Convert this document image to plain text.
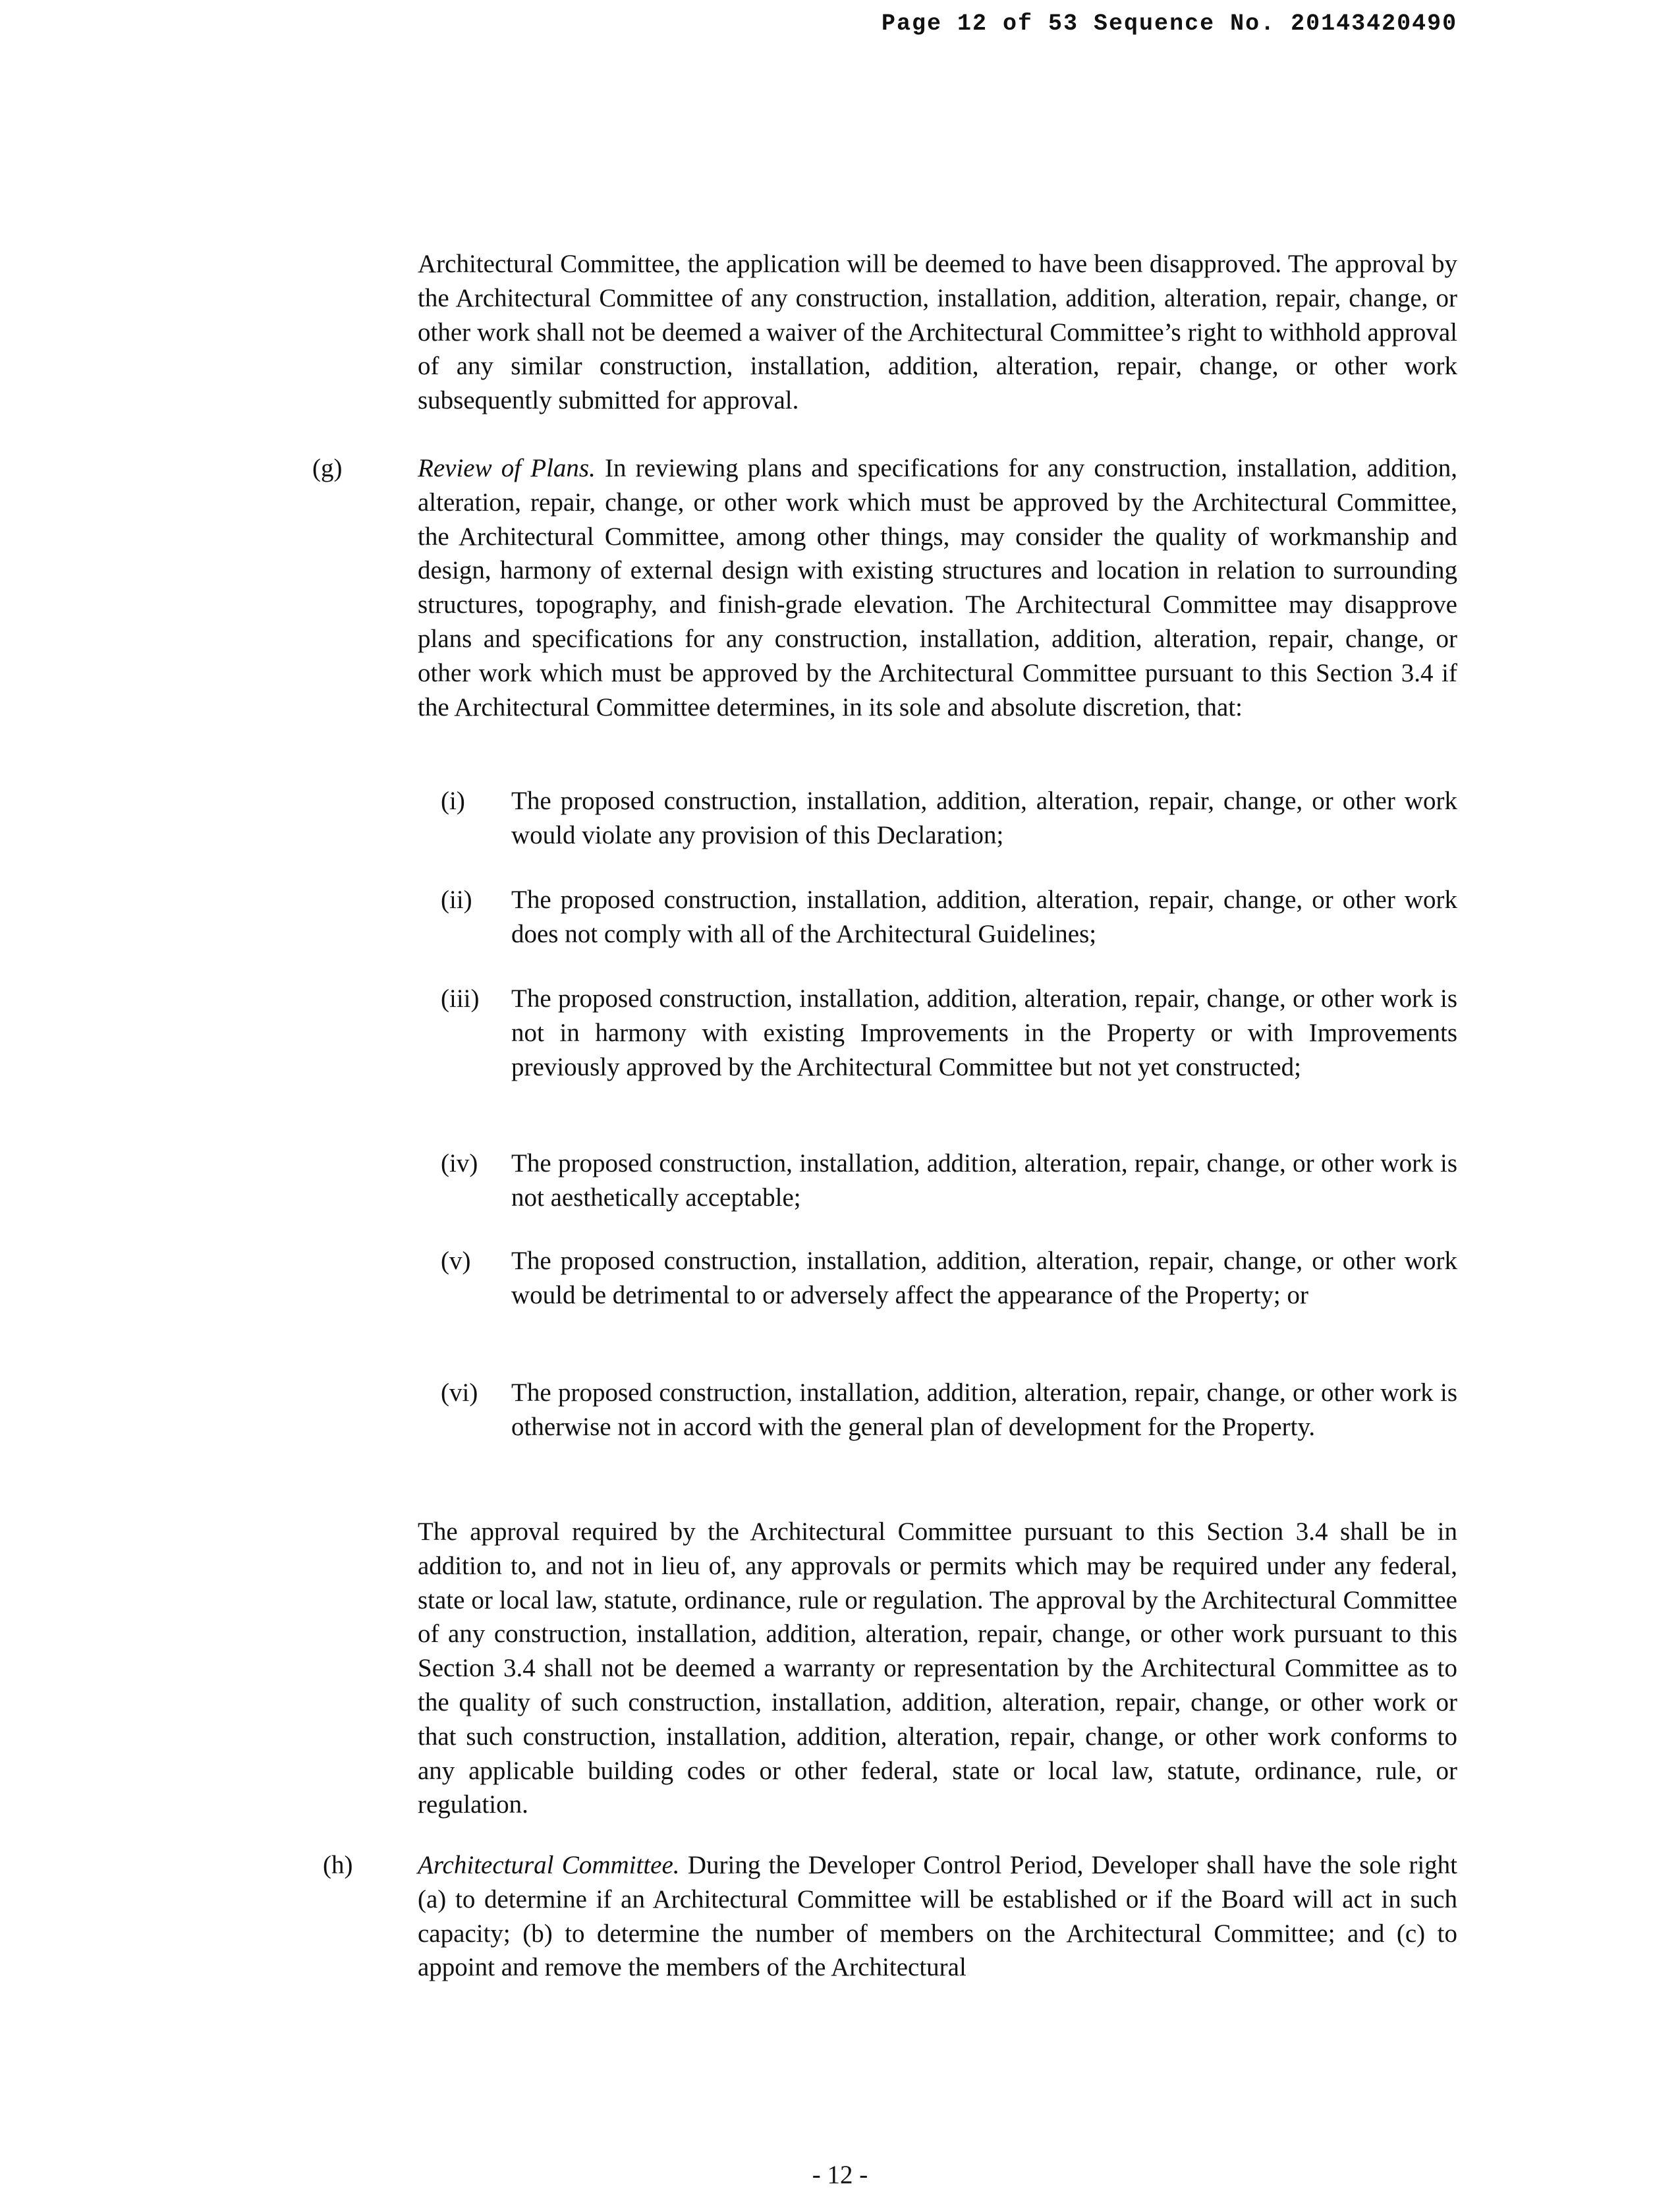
Page 12 of 53 Sequence No. 20143420490

Architectural Committee, the application will be deemed to have been disapproved. The approval by the Architectural Committee of any construction, installation, addition, alteration, repair, change, or other work shall not be deemed a waiver of the Architectural Committee’s right to withhold approval of any similar construction, installation, addition, alteration, repair, change, or other work subsequently submitted for approval.

(g)	Review of Plans. In reviewing plans and specifications for any construction, installation, addition, alteration, repair, change, or other work which must be approved by the Architectural Committee, the Architectural Committee, among other things, may consider the quality of workmanship and design, harmony of external design with existing structures and location in relation to surrounding structures, topography, and finish-grade elevation. The Architectural Committee may disapprove plans and specifications for any construction, installation, addition, alteration, repair, change, or other work which must be approved by the Architectural Committee pursuant to this Section 3.4 if the Architectural Committee determines, in its sole and absolute discretion, that:

(i) The proposed construction, installation, addition, alteration, repair, change, or other work would violate any provision of this Declaration;

(ii) The proposed construction, installation, addition, alteration, repair, change, or other work does not comply with all of the Architectural Guidelines;

(iii) The proposed construction, installation, addition, alteration, repair, change, or other work is not in harmony with existing Improvements in the Property or with Improvements previously approved by the Architectural Committee but not yet constructed;

(iv) The proposed construction, installation, addition, alteration, repair, change, or other work is not aesthetically acceptable;

(v) The proposed construction, installation, addition, alteration, repair, change, or other work would be detrimental to or adversely affect the appearance of the Property; or

(vi) The proposed construction, installation, addition, alteration, repair, change, or other work is otherwise not in accord with the general plan of development for the Property.

The approval required by the Architectural Committee pursuant to this Section 3.4 shall be in addition to, and not in lieu of, any approvals or permits which may be required under any federal, state or local law, statute, ordinance, rule or regulation. The approval by the Architectural Committee of any construction, installation, addition, alteration, repair, change, or other work pursuant to this Section 3.4 shall not be deemed a warranty or representation by the Architectural Committee as to the quality of such construction, installation, addition, alteration, repair, change, or other work or that such construction, installation, addition, alteration, repair, change, or other work conforms to any applicable building codes or other federal, state or local law, statute, ordinance, rule, or regulation.

(h)	Architectural Committee. During the Developer Control Period, Developer shall have the sole right (a) to determine if an Architectural Committee will be established or if the Board will act in such capacity; (b) to determine the number of members on the Architectural Committee; and (c) to appoint and remove the members of the Architectural

- 12 -
